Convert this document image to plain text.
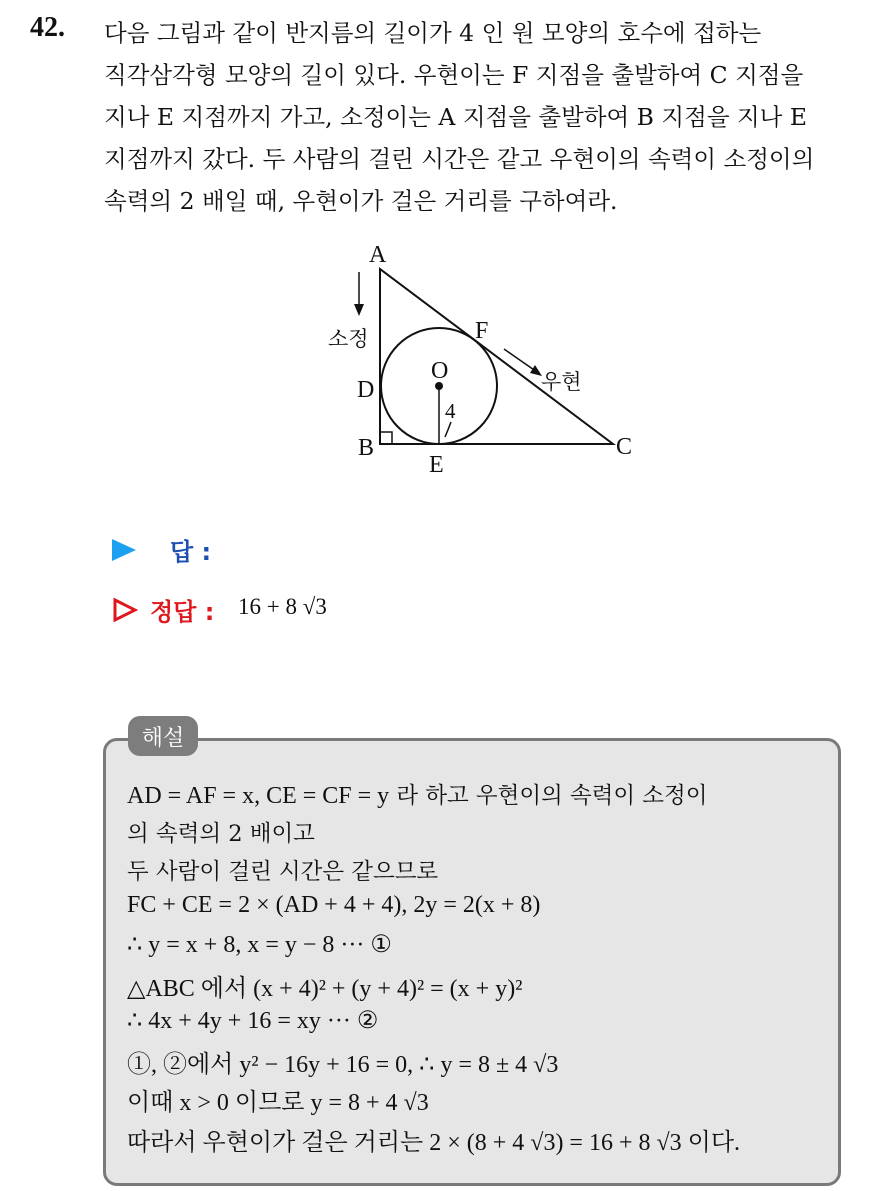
42. 다음 그림과 같이 반지름의 길이가 4 인 원 모양의 호수에 접하는
직각삼각형 모양의 길이 있다. 우현이는 F 지점을 출발하여 C 지점을
지나 E 지점까지 가고, 소정이는 A 지점을 출발하여 B 지점을 지나 E
지점까지 갔다. 두 사람의 걸린 시간은 같고 우현이의 속력이 소정이의
속력의 2 배일 때, 우현이가 걸은 거리를 구하여라.
A
B	C
D
E
F
O
4
소정
우현
답 :
정답 : 16 + 8 √3
해설
AD = AF = x, CE = CF = y 라 하고 우현이의 속력이 소정이
의 속력의 2 배이고
두 사람이 걸린 시간은 같으므로
FC + CE = 2 × (AD + 4 + 4), 2y = 2(x + 8)
∴ y = x + 8, x = y − 8 ··· ①
△ABC 에서 (x + 4)² + (y + 4)² = (x + y)²
∴ 4x + 4y + 16 = xy ··· ②
①, ②에서 y² − 16y + 16 = 0, ∴ y = 8 ± 4 √3
이때 x > 0 이므로 y = 8 + 4 √3
따라서 우현이가 걸은 거리는 2 × (8 + 4 √3) = 16 + 8 √3 이다.
